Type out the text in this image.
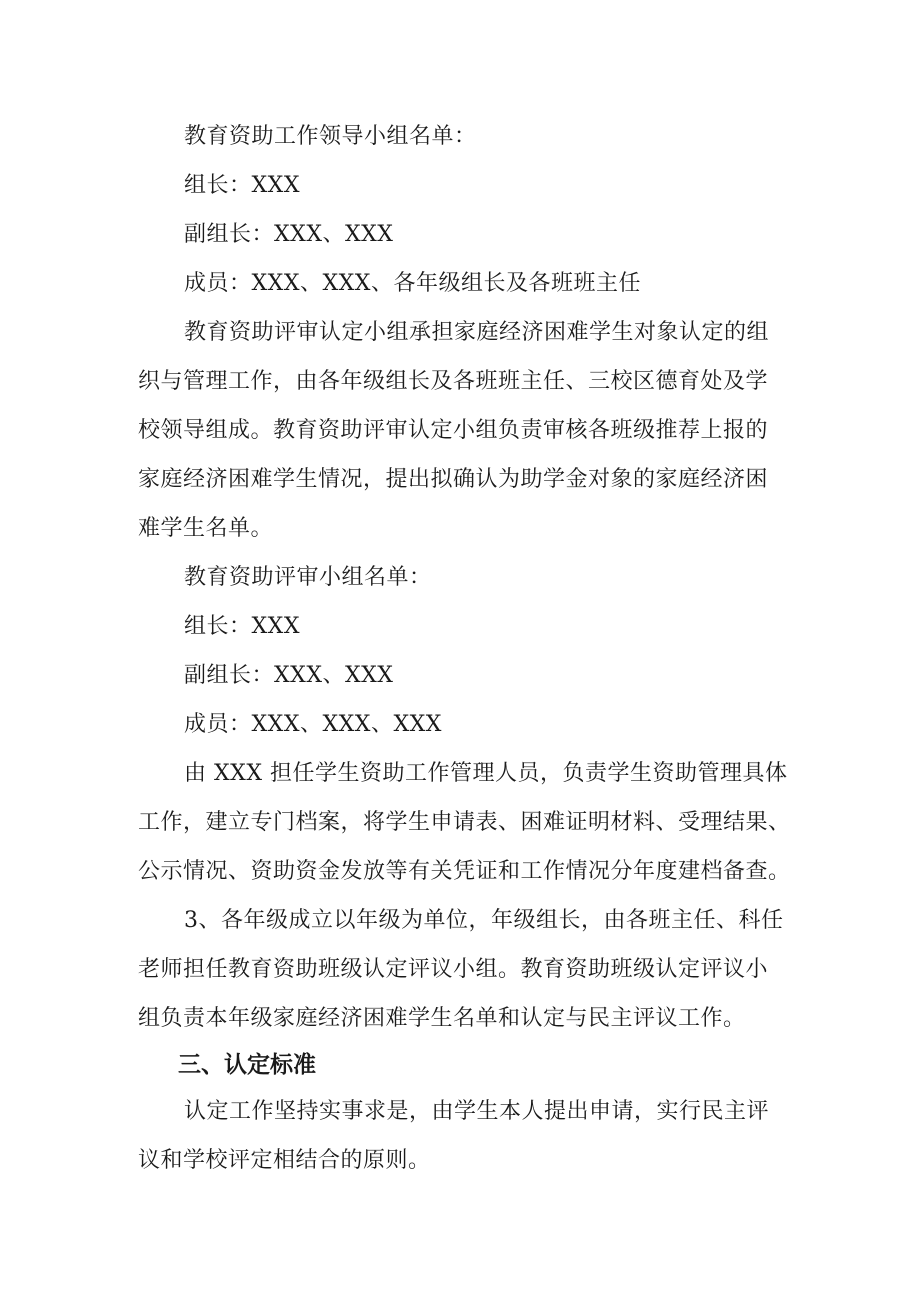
教育资助工作领导小组名单：

组长：XXX

副组长：XXX、XXX

成员：XXX、XXX、各年级组长及各班班主任

教育资助评审认定小组承担家庭经济困难学生对象认定的组

织与管理工作，由各年级组长及各班班主任、三校区德育处及学

校领导组成。教育资助评审认定小组负责审核各班级推荐上报的

家庭经济困难学生情况，提出拟确认为助学金对象的家庭经济困

难学生名单。

教育资助评审小组名单：

组长：XXX

副组长：XXX、XXX

成员：XXX、XXX、XXX

由 XXX 担任学生资助工作管理人员，负责学生资助管理具体

工作，建立专门档案，将学生申请表、困难证明材料、受理结果、

公示情况、资助资金发放等有关凭证和工作情况分年度建档备查。

3、各年级成立以年级为单位，年级组长，由各班主任、科任

老师担任教育资助班级认定评议小组。教育资助班级认定评议小

组负责本年级家庭经济困难学生名单和认定与民主评议工作。

三、认定标准

认定工作坚持实事求是，由学生本人提出申请，实行民主评

议和学校评定相结合的原则。
